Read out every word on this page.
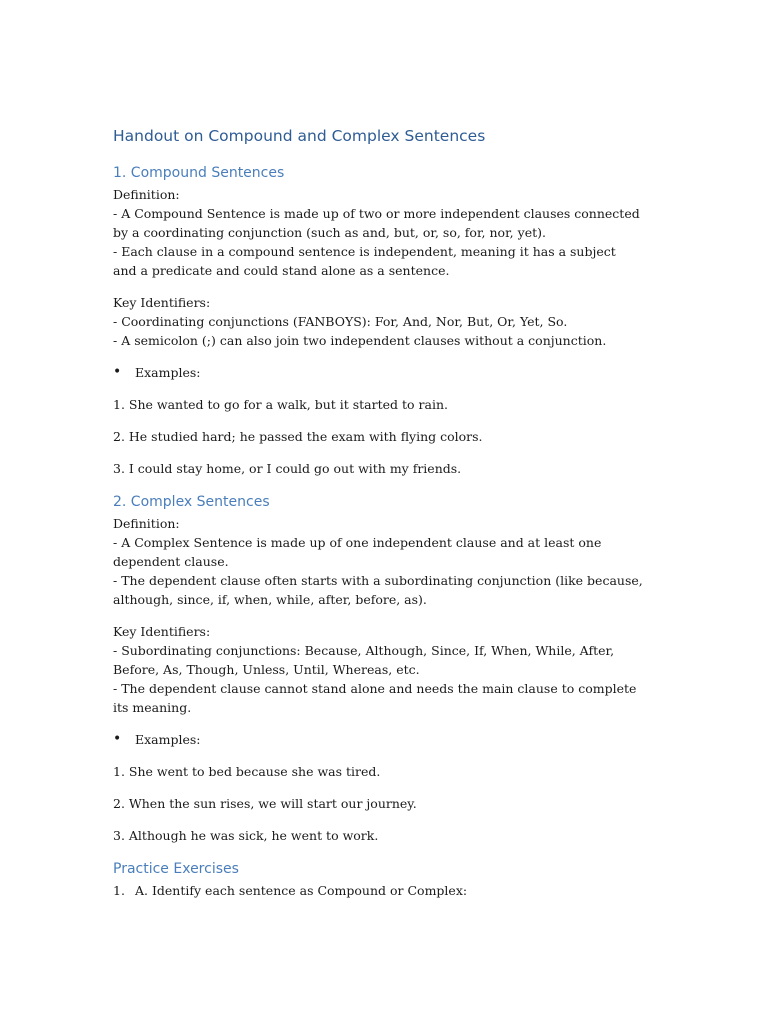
Handout on Compound and Complex Sentences
1. Compound Sentences

Definition:

- A Compound Sentence is made up of two or more independent clauses connected by a coordinating conjunction (such as and, but, or, so, for, nor, yet).

- Each clause in a compound sentence is independent, meaning it has a subject and a predicate and could stand alone as a sentence.

Key Identifiers:

- Coordinating conjunctions (FANBOYS): For, And, Nor, But, Or, Yet, So.

- A semicolon (;) can also join two independent clauses without a conjunction.

•	Examples:

1. She wanted to go for a walk, but it started to rain.

2. He studied hard; he passed the exam with flying colors.

3. I could stay home, or I could go out with my friends.

2. Complex Sentences

Definition:

- A Complex Sentence is made up of one independent clause and at least one dependent clause.

- The dependent clause often starts with a subordinating conjunction (like because, although, since, if, when, while, after, before, as).

Key Identifiers:

- Subordinating conjunctions: Because, Although, Since, If, When, While, After, Before, As, Though, Unless, Until, Whereas, etc.

- The dependent clause cannot stand alone and needs the main clause to complete its meaning.

•	Examples:

1. She went to bed because she was tired.

2. When the sun rises, we will start our journey.

3. Although he was sick, he went to work.

Practice Exercises
1. A. Identify each sentence as Compound or Complex:
